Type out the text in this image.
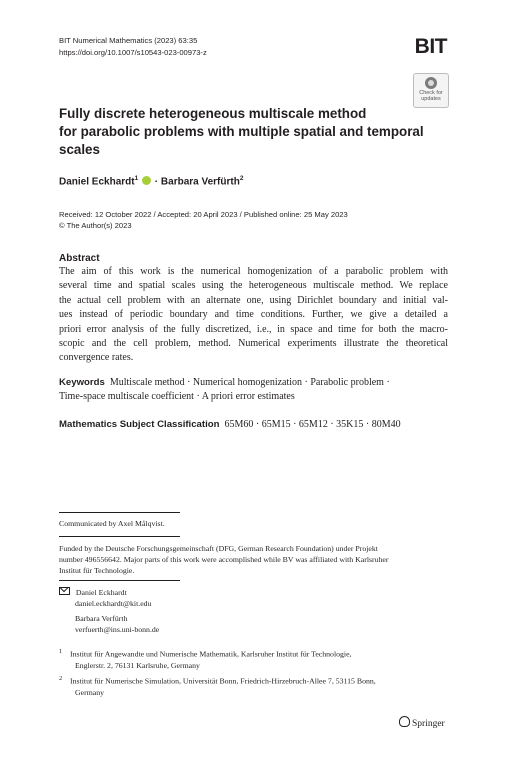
BIT Numerical Mathematics (2023) 63:35
https://doi.org/10.1007/s10543-023-00973-z	BIT
Check for
updates
Fully discrete heterogeneous multiscale method
for parabolic problems with multiple spatial and temporal
scales
Daniel Eckhardt$^1$ · Barbara Verfürth$^2$
Received: 12 October 2022 / Accepted: 20 April 2023 / Published online: 25 May 2023
© The Author(s) 2023
Abstract
The aim of this work is the numerical homogenization of a parabolic problem with
several time and spatial scales using the heterogeneous multiscale method. We replace
the actual cell problem with an alternate one, using Dirichlet boundary and initial val-
ues instead of periodic boundary and time conditions. Further, we give a detailed a
priori error analysis of the fully discretized, i.e., in space and time for both the macro-
scopic and the cell problem, method. Numerical experiments illustrate the theoretical
convergence rates.
Keywords Multiscale method · Numerical homogenization · Parabolic problem ·
Time-space multiscale coefficient · A priori error estimates
Mathematics Subject Classification 65M60 · 65M15 · 65M12 · 35K15 · 80M40
Communicated by Axel Målqvist.
Funded by the Deutsche Forschungsgemeinschaft (DFG, German Research Foundation) under Projekt
number 496556642. Major parts of this work were accomplished while BV was affiliated with Karlsruher
Institut für Technologie.
Daniel Eckhardt
daniel.eckhardt@kit.edu
Barbara Verfürth
verfuerth@ins.uni-bonn.de
$^1$ Institut für Angewandte und Numerische Mathematik, Karlsruher Institut für Technologie,
Englerstr. 2, 76131 Karlsruhe, Germany
$^2$ Institut für Numerische Simulation, Universität Bonn, Friedrich-Hirzebruch-Allee 7, 53115 Bonn,
Germany
Springer
